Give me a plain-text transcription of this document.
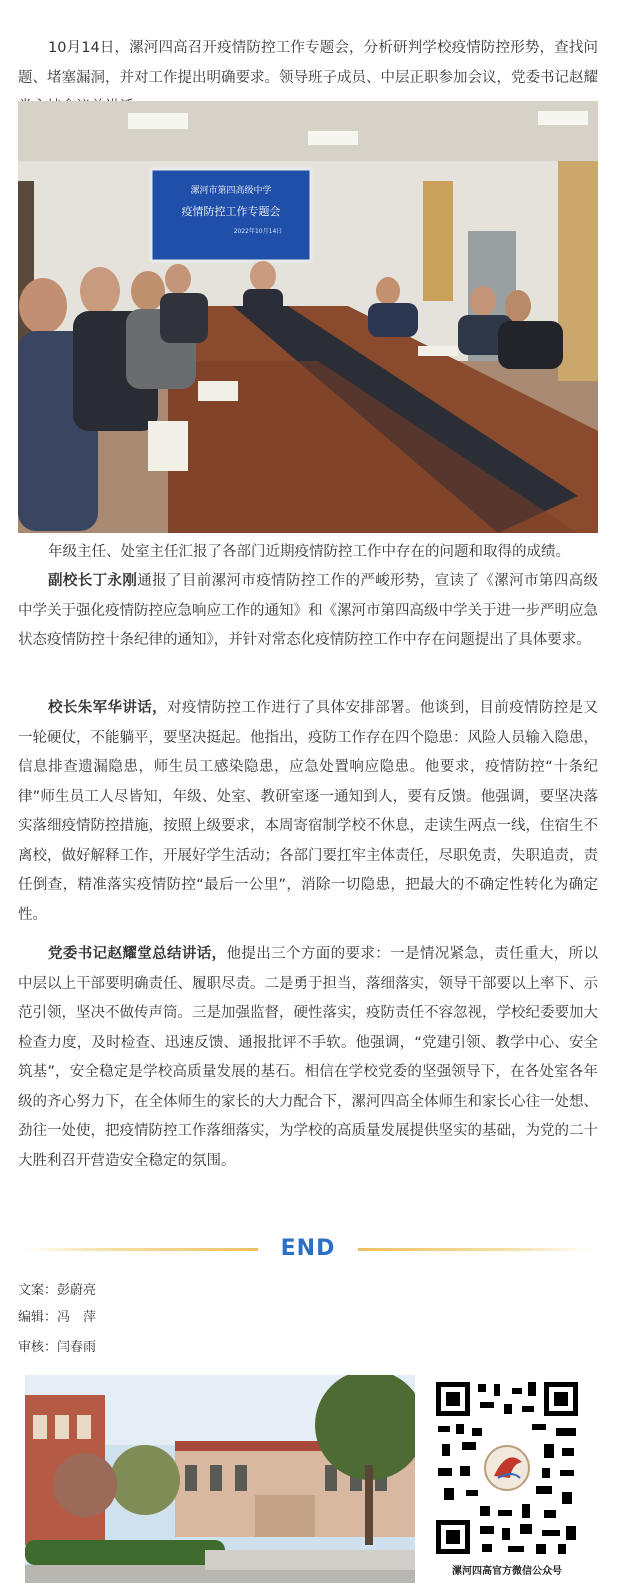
10月14日，漯河四高召开疫情防控工作专题会，分析研判学校疫情防控形势，查找问题、堵塞漏洞，并对工作提出明确要求。领导班子成员、中层正职参加会议，党委书记赵耀

漯河市第四高级中学
疫情防控工作专题会
2022年10月14日

年级主任、处室主任汇报了各部门近期疫情防控工作中存在的问题和取得的成绩。

副校长丁永刚通报了目前漯河市疫情防控工作的严峻形势，宣读了《漯河市第四高级中学关于强化疫情防控应急响应工作的通知》和《漯河市第四高级中学关于进一步严明应急状态疫情防控十条纪律的通知》，并针对常态化疫情防控工作中存在问题提出了具体要求。

校长朱军华讲话，对疫情防控工作进行了具体安排部署。他谈到，目前疫情防控是又一轮硬仗，不能躺平，要坚决挺起。他指出，疫防工作存在四个隐患：风险人员输入隐患，信息排查遗漏隐患，师生员工感染隐患，应急处置响应隐患。他要求，疫情防控“十条纪律”师生员工人尽皆知，年级、处室、教研室逐一通知到人，要有反馈。他强调，要坚决落实落细疫情防控措施，按照上级要求，本周寄宿制学校不休息，走读生两点一线，住宿生不离校，做好解释工作，开展好学生活动；各部门要扛牢主体责任，尽职免责，失职追责，责任倒查，精准落实疫情防控“最后一公里”，消除一切隐患，把最大的不确定性转化为确定性。

党委书记赵耀堂总结讲话，他提出三个方面的要求：一是情况紧急，责任重大，所以中层以上干部要明确责任、履职尽责。二是勇于担当，落细落实，领导干部要以上率下、示范引领，坚决不做传声筒。三是加强监督，硬性落实，疫防责任不容忽视，学校纪委要加大检查力度，及时检查、迅速反馈、通报批评不手软。他强调，“党建引领、教学中心、安全筑基”，安全稳定是学校高质量发展的基石。相信在学校党委的坚强领导下，在各处室各年级的齐心努力下，在全体师生的家长的大力配合下，漯河四高全体师生和家长心往一处想、劲往一处使，把疫情防控工作落细落实，为学校的高质量发展提供坚实的基础，为党的二十大胜利召开营造安全稳定的氛围。

END
文案：彭蔚亮
编辑：冯　萍
审核：闫春雨
漯河四高官方微信公众号
